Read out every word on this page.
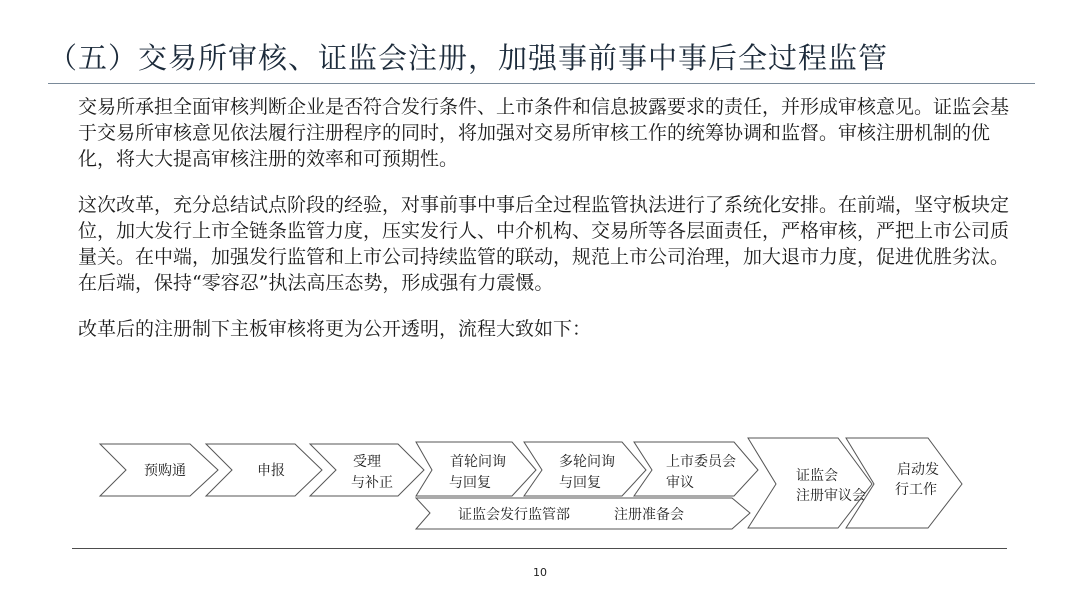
（五）交易所审核、证监会注册，加强事前事中事后全过程监管

交易所承担全面审核判断企业是否符合发行条件、上市条件和信息披露要求的责任，并形成审核意见。证监会基于交易所审核意见依法履行注册程序的同时，将加强对交易所审核工作的统筹协调和监督。审核注册机制的优化，将大大提高审核注册的效率和可预期性。

这次改革，充分总结试点阶段的经验，对事前事中事后全过程监管执法进行了系统化安排。在前端，坚守板块定位，加大发行上市全链条监管力度，压实发行人、中介机构、交易所等各层面责任，严格审核，严把上市公司质量关。在中端，加强发行监管和上市公司持续监管的联动，规范上市公司治理，加大退市力度，促进优胜劣汰。在后端，保持“零容忍”执法高压态势，形成强有力震慑。

改革后的注册制下主板审核将更为公开透明，流程大致如下：

证监会发行监管部	注册准备会
预购通	申报
受理
与补正
首轮问询
与回复
多轮问询
与回复
上市委员会
审议	证监会
注册审议会
启动发
行工作
10
